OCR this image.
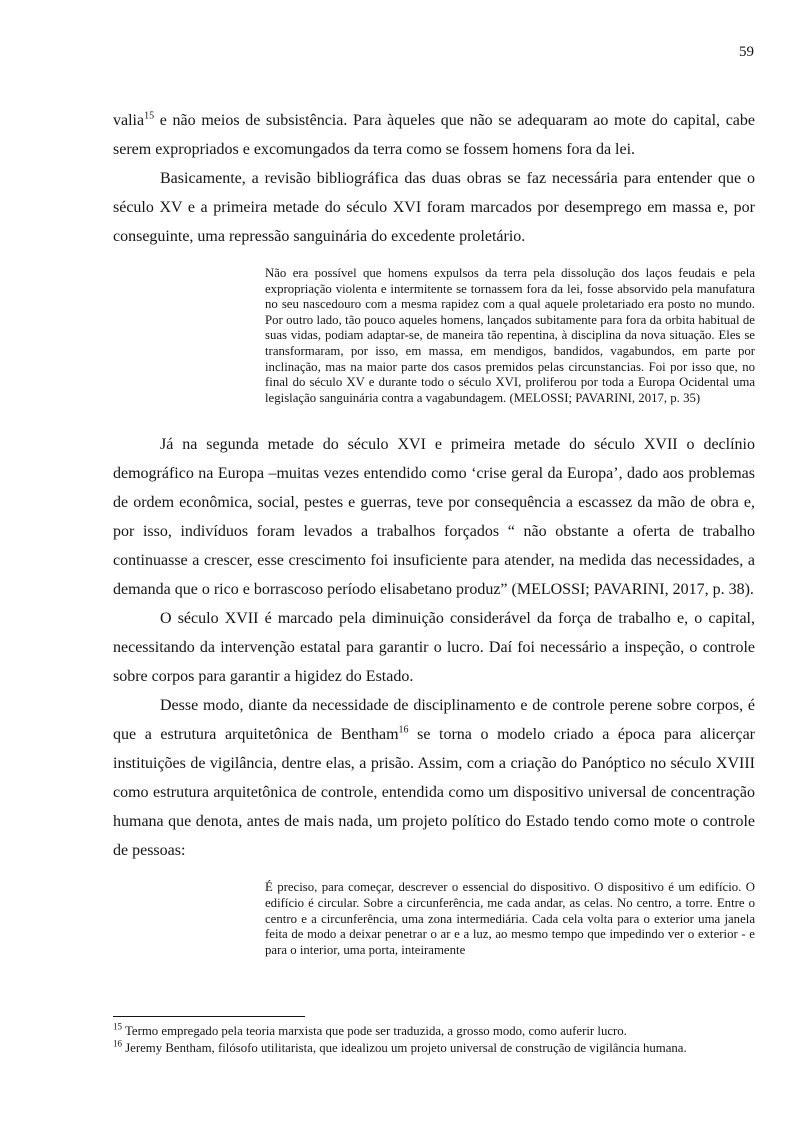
59

valia$^{15}$ e não meios de subsistência. Para àqueles que não se adequaram ao mote do capital, cabe serem expropriados e excomungados da terra como se fossem homens fora da lei.

Basicamente, a revisão bibliográfica das duas obras se faz necessária para entender que o século XV e a primeira metade do século XVI foram marcados por desemprego em massa e, por conseguinte, uma repressão sanguinária do excedente proletário.

Não era possível que homens expulsos da terra pela dissolução dos laços feudais e pela expropriação violenta e intermitente se tornassem fora da lei, fosse absorvido pela manufatura no seu nascedouro com a mesma rapidez com a qual aquele proletariado era posto no mundo. Por outro lado, tão pouco aqueles homens, lançados subitamente para fora da orbita habitual de suas vidas, podiam adaptar-se, de maneira tão repentina, à disciplina da nova situação. Eles se transformaram, por isso, em massa, em mendigos, bandidos, vagabundos, em parte por inclinação, mas na maior parte dos casos premidos pelas circunstancias. Foi por isso que, no final do século XV e durante todo o século XVI, proliferou por toda a Europa Ocidental uma legislação sanguinária contra a vagabundagem. (MELOSSI; PAVARINI, 2017, p. 35)

Já na segunda metade do século XVI e primeira metade do século XVII o declínio demográfico na Europa –muitas vezes entendido como ‘crise geral da Europa’, dado aos problemas de ordem econômica, social, pestes e guerras, teve por consequência a escassez da mão de obra e, por isso, indivíduos foram levados a trabalhos forçados “ não obstante a oferta de trabalho continuasse a crescer, esse crescimento foi insuficiente para atender, na medida das necessidades, a demanda que o rico e borrascoso período elisabetano produz” (MELOSSI; PAVARINI, 2017, p. 38).

O século XVII é marcado pela diminuição considerável da força de trabalho e, o capital, necessitando da intervenção estatal para garantir o lucro. Daí foi necessário a inspeção, o controle sobre corpos para garantir a higidez do Estado.

Desse modo, diante da necessidade de disciplinamento e de controle perene sobre corpos, é que a estrutura arquitetônica de Bentham$^{16}$ se torna o modelo criado a época para alicerçar instituições de vigilância, dentre elas, a prisão. Assim, com a criação do Panóptico no século XVIII como estrutura arquitetônica de controle, entendida como um dispositivo universal de concentração humana que denota, antes de mais nada, um projeto político do Estado tendo como mote o controle de pessoas:

É preciso, para começar, descrever o essencial do dispositivo. O dispositivo é um edifício. O edifício é circular. Sobre a circunferência, me cada andar, as celas. No centro, a torre. Entre o centro e a circunferência, uma zona intermediária. Cada cela volta para o exterior uma janela feita de modo a deixar penetrar o ar e a luz, ao mesmo tempo que impedindo ver o exterior - e para o interior, uma porta, inteiramente
$^{15}$ Termo empregado pela teoria marxista que pode ser traduzida, a grosso modo, como auferir lucro.
$^{16}$ Jeremy Bentham, filósofo utilitarista, que idealizou um projeto universal de construção de vigilância humana.
